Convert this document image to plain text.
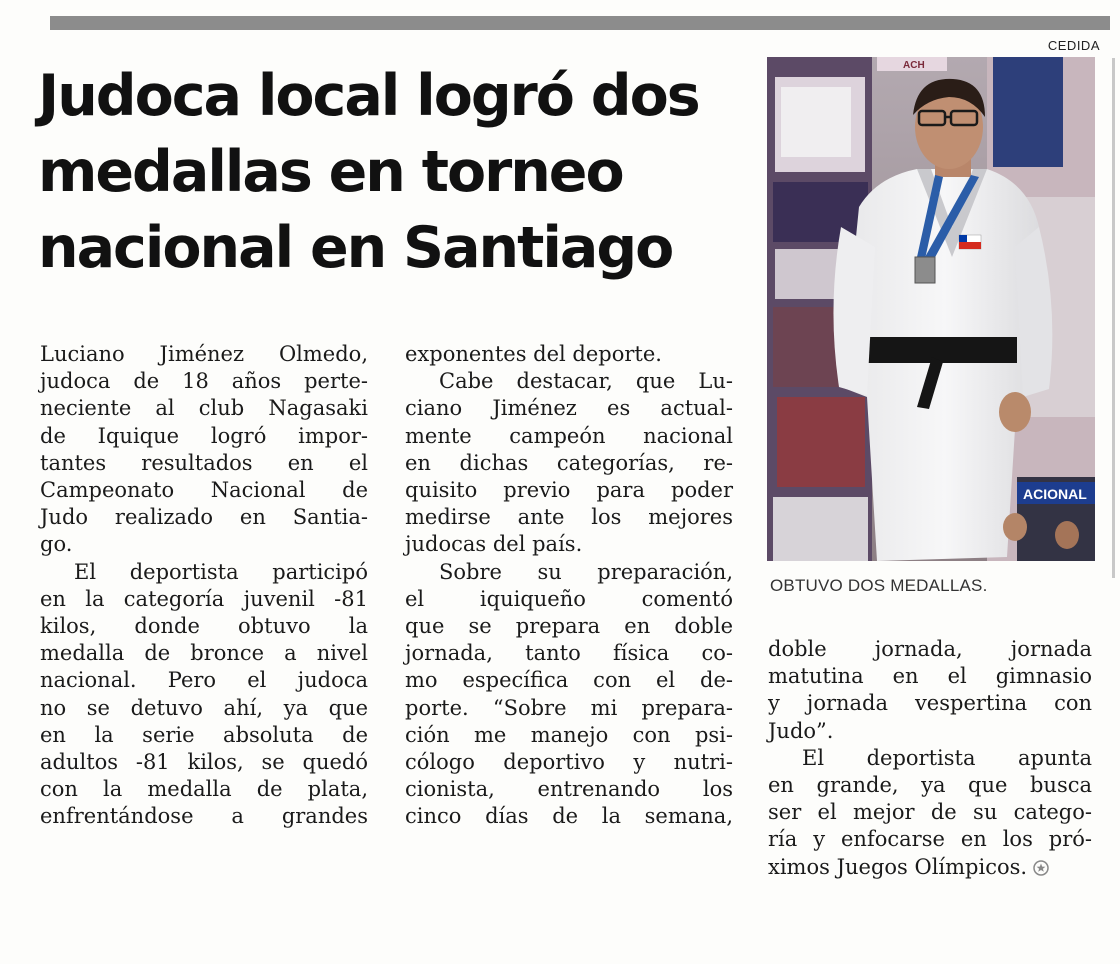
CEDIDA
Judoca local logró dos
medallas en torneo
nacional en Santiago
Luciano Jiménez Olmedo,
judoca de 18 años perte-
neciente al club Nagasaki
de Iquique logró impor-
tantes resultados en el
Campeonato Nacional de
Judo realizado en Santia-
go.
El deportista participó
en la categoría juvenil -81
kilos, donde obtuvo la
medalla de bronce a nivel
nacional. Pero el judoca
no se detuvo ahí, ya que
en la serie absoluta de
adultos -81 kilos, se quedó
con la medalla de plata,
enfrentándose a grandes
exponentes del deporte.
Cabe destacar, que Lu-
ciano Jiménez es actual-
mente campeón nacional
en dichas categorías, re-
quisito previo para poder
medirse ante los mejores
judocas del país.
Sobre su preparación,
el iquiqueño comentó
que se prepara en doble
jornada, tanto física co-
mo específica con el de-
porte. “Sobre mi prepara-
ción me manejo con psi-
cólogo deportivo y nutri-
cionista, entrenando los
cinco días de la semana,
ACIONAL
ACH
OBTUVO DOS MEDALLAS.
doble jornada, jornada
matutina en el gimnasio
y jornada vespertina con
Judo”.
El deportista apunta
en grande, ya que busca
ser el mejor de su catego-
ría y enfocarse en los pró-
ximos Juegos Olímpicos.
